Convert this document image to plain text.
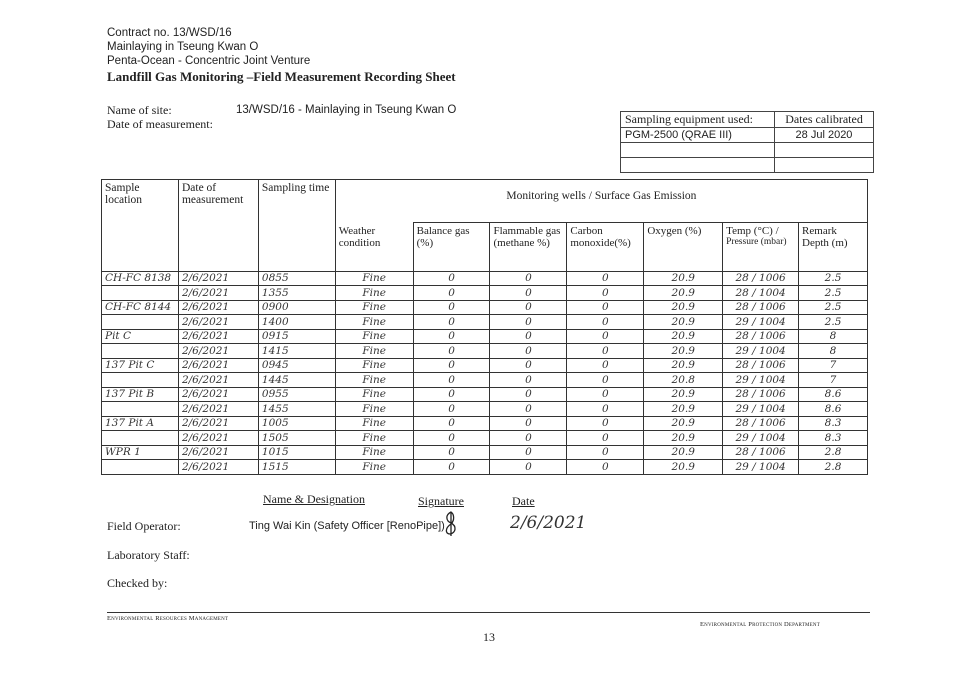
Contract no. 13/WSD/16
Mainlaying in Tseung Kwan O
Penta-Ocean - Concentric Joint Venture
Landfill Gas Monitoring –Field Measurement Recording Sheet
Name of site:	13/WSD/16 - Mainlaying in Tseung Kwan O
Date of measurement:	Sampling equipment used:	Dates calibrated
PGM-2500 (QRAE III)	28 Jul 2020

Sample location	Date of measurement	Sampling time	Monitoring wells / Surface Gas Emission						
			Weather condition	Balance gas (%)	Flammable gas (methane %)	Carbon monoxide(%)	Oxygen (%)	Temp (°C) /
Pressure (mbar)	Remark Depth (m)
CH-FC 8138	2/6/2021	0855	Fine	0	0	0	20.9	28 / 1006	2.5
	2/6/2021	1355	Fine	0	0	0	20.9	28 / 1004	2.5
CH-FC 8144	2/6/2021	0900	Fine	0	0	0	20.9	28 / 1006	2.5
	2/6/2021	1400	Fine	0	0	0	20.9	29 / 1004	2.5
Pit C	2/6/2021	0915	Fine	0	0	0	20.9	28 / 1006	8
	2/6/2021	1415	Fine	0	0	0	20.9	29 / 1004	8
137 Pit C	2/6/2021	0945	Fine	0	0	0	20.9	28 / 1006	7
	2/6/2021	1445	Fine	0	0	0	20.8	29 / 1004	7
137 Pit B	2/6/2021	0955	Fine	0	0	0	20.9	28 / 1006	8.6
	2/6/2021	1455	Fine	0	0	0	20.9	29 / 1004	8.6
137 Pit A	2/6/2021	1005	Fine	0	0	0	20.9	28 / 1006	8.3
	2/6/2021	1505	Fine	0	0	0	20.9	29 / 1004	8.3
WPR 1	2/6/2021	1015	Fine	0	0	0	20.9	28 / 1006	2.8
	2/6/2021	1515	Fine	0	0	0	20.9	29 / 1004	2.8
Name & Designation	Signature	Date
Field Operator:	Ting Wai Kin (Safety Officer [RenoPipe])	2/6/2021
Laboratory Staff:
Checked by:
Environmental Resources Management
Environmental Protection Department
13
